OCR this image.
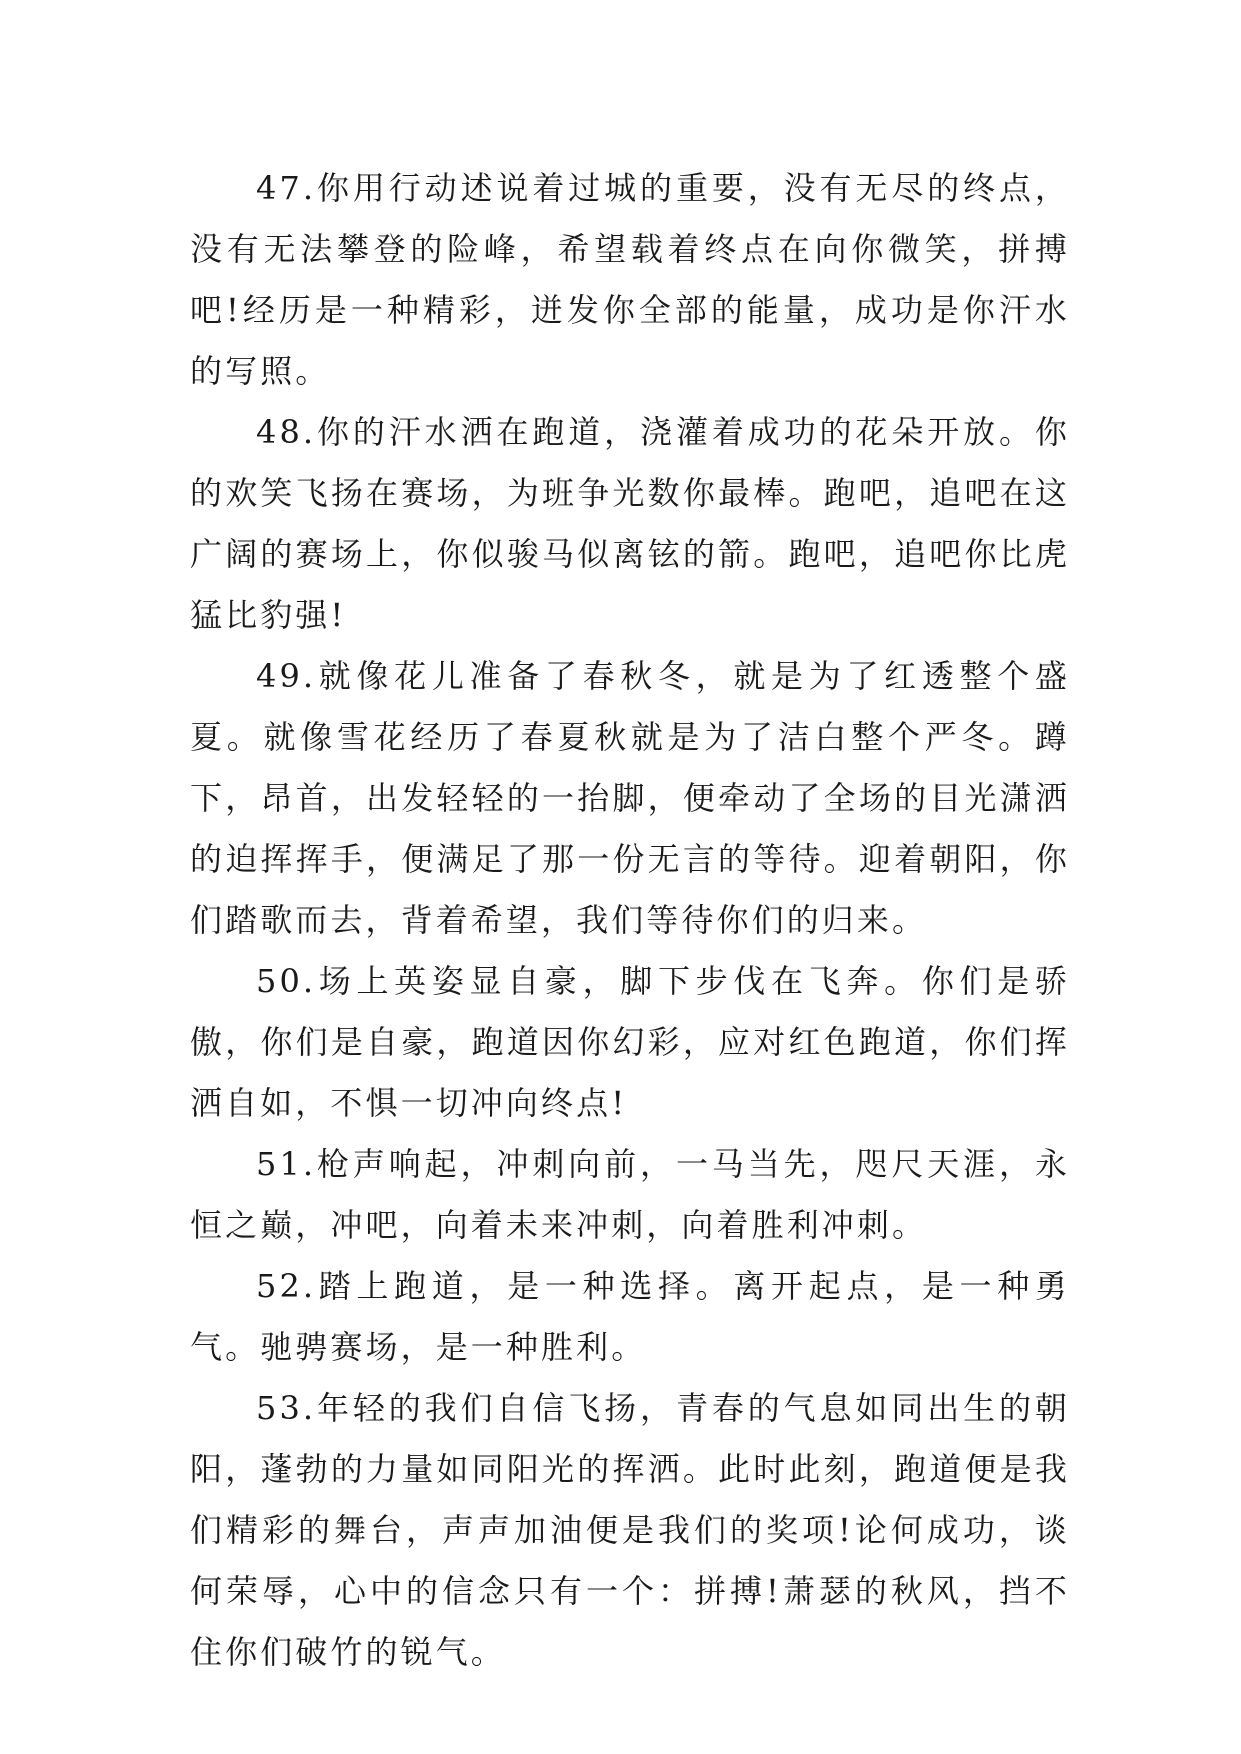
47.你用行动述说着过城的重要，没有无尽的终点，没有无法攀登的险峰，希望载着终点在向你微笑，拼搏吧!经历是一种精彩，迸发你全部的能量，成功是你汗水的写照。

48.你的汗水洒在跑道，浇灌着成功的花朵开放。你的欢笑飞扬在赛场，为班争光数你最棒。跑吧，追吧在这广阔的赛场上，你似骏马似离铉的箭。跑吧，追吧你比虎猛比豹强!

49.就像花儿准备了春秋冬，就是为了红透整个盛夏。就像雪花经历了春夏秋就是为了洁白整个严冬。蹲下，昂首，出发轻轻的一抬脚，便牵动了全场的目光潇洒的迫挥挥手，便满足了那一份无言的等待。迎着朝阳，你们踏歌而去，背着希望，我们等待你们的归来。

50.场上英姿显自豪，脚下步伐在飞奔。你们是骄傲，你们是自豪，跑道因你幻彩，应对红色跑道，你们挥洒自如，不惧一切冲向终点!

51.枪声响起，冲刺向前，一马当先，咫尺天涯，永恒之巅，冲吧，向着未来冲刺，向着胜利冲刺。

52.踏上跑道，是一种选择。离开起点，是一种勇气。驰骋赛场，是一种胜利。

53.年轻的我们自信飞扬，青春的气息如同出生的朝阳，蓬勃的力量如同阳光的挥洒。此时此刻，跑道便是我们精彩的舞台，声声加油便是我们的奖项!论何成功，谈何荣辱，心中的信念只有一个：拼搏!萧瑟的秋风，挡不住你们破竹的锐气。
